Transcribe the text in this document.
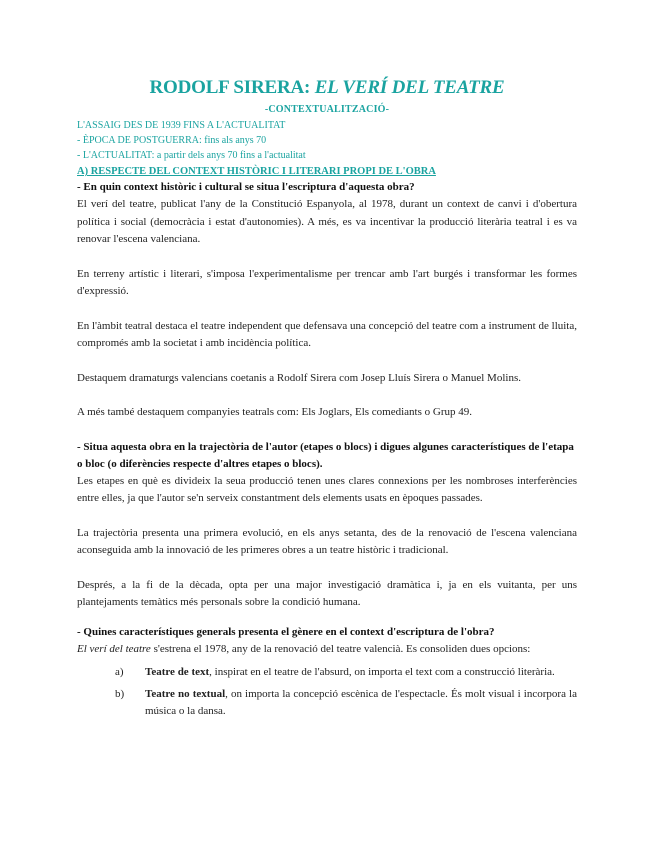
RODOLF SIRERA: EL VERÍ DEL TEATRE
-CONTEXTUALITZACIÓ-
L'ASSAIG DES DE 1939 FINS A L'ACTUALITAT
- ÈPOCA DE POSTGUERRA: fins als anys 70
- L'ACTUALITAT: a partir dels anys 70 fins a l'actualitat
A) RESPECTE DEL CONTEXT HISTÒRIC I LITERARI PROPI DE L'OBRA
- En quin context històric i cultural se situa l'escriptura d'aquesta obra?

El verí del teatre, publicat l'any de la Constitució Espanyola, al 1978, durant un context de canvi i d'obertura política i social (democràcia i estat d'autonomies). A més, es va incentivar la producció literària teatral i es va renovar l'escena valenciana.

En terreny artístic i literari, s'imposa l'experimentalisme per trencar amb l'art burgés i transformar les formes d'expressió.

En l'àmbit teatral destaca el teatre independent que defensava una concepció del teatre com a instrument de lluita, compromés amb la societat i amb incidència política.

Destaquem dramaturgs valencians coetanis a Rodolf Sirera com Josep Lluís Sirera o Manuel Molins.

A més també destaquem companyies teatrals com: Els Joglars, Els comediants o Grup 49.

- Situa aquesta obra en la trajectòria de l'autor (etapes o blocs) i digues algunes característiques de l'etapa o bloc (o diferències respecte d'altres etapes o blocs).

Les etapes en què es divideix la seua producció tenen unes clares connexions per les nombroses interferències entre elles, ja que l'autor se'n serveix constantment dels elements usats en èpoques passades.

La trajectòria presenta una primera evolució, en els anys setanta, des de la renovació de l'escena valenciana aconseguida amb la innovació de les primeres obres a un teatre històric i tradicional.

Després, a la fi de la dècada, opta per una major investigació dramàtica i, ja en els vuitanta, per uns plantejaments temàtics més personals sobre la condició humana.

- Quines característiques generals presenta el gènere en el context d'escriptura de l'obra?

El verí del teatre s'estrena el 1978, any de la renovació del teatre valencià. Es consoliden dues opcions:

a)	Teatre de text, inspirat en el teatre de l'absurd, on importa el text com a construcció literària.
b)	Teatre no textual, on importa la concepció escènica de l'espectacle. És molt visual i incorpora la música o la dansa.
